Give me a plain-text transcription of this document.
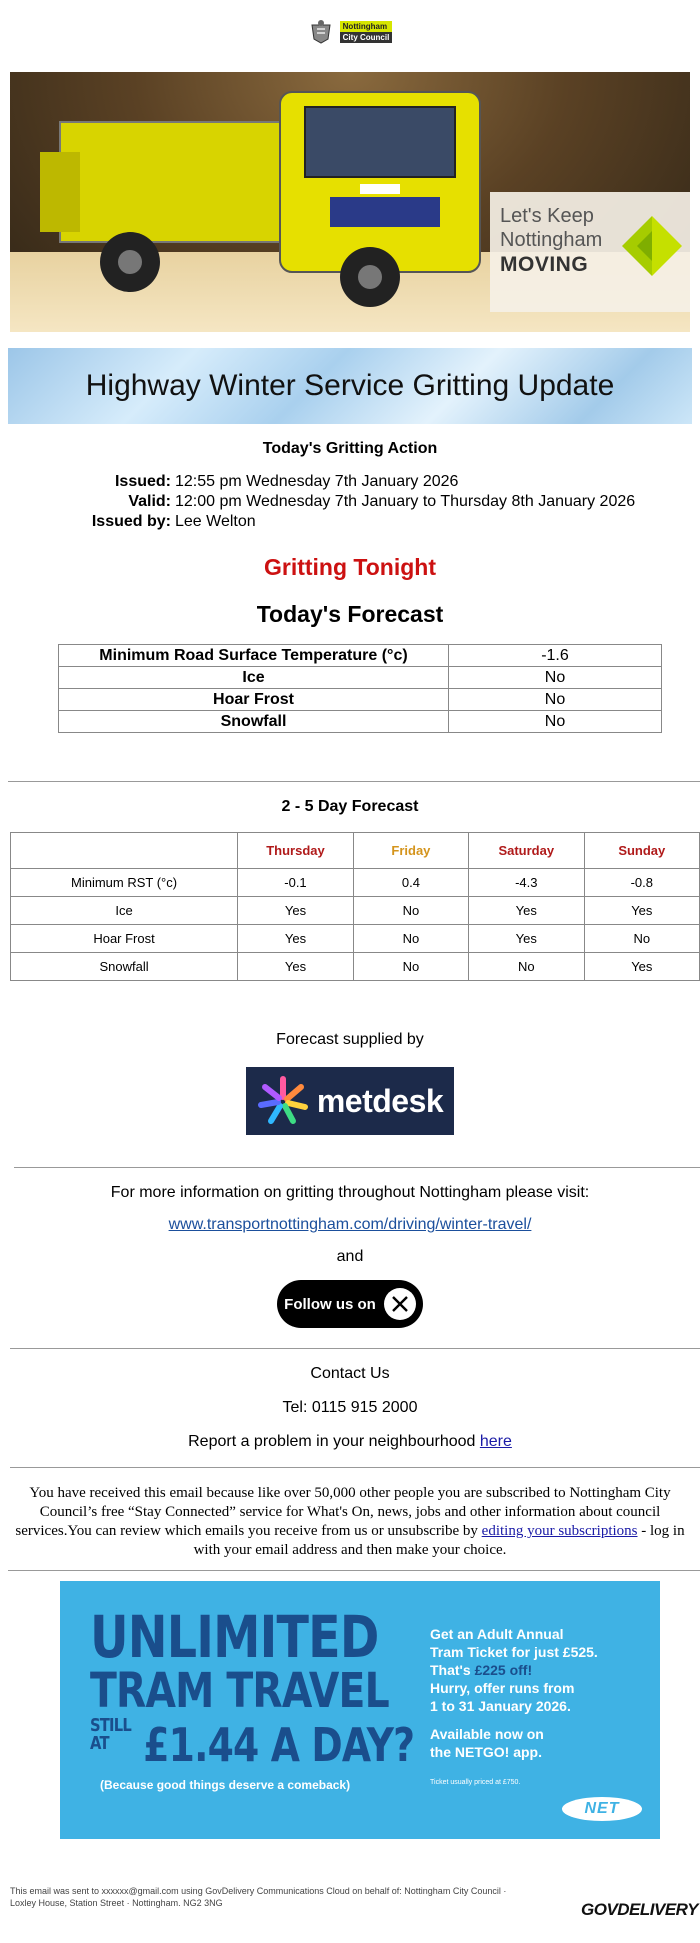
Nottingham
City Council
Let's Keep
Nottingham
MOVING
Highway Winter Service Gritting Update
Today's Gritting Action
Issued: 12:55 pm Wednesday 7th January 2026
Valid: 12:00 pm Wednesday 7th January to Thursday 8th January 2026
Issued by: Lee Welton
Gritting Tonight
Today's Forecast
Minimum Road Surface Temperature (°c)	-1.6
Ice	No
Hoar Frost	No
Snowfall	No
2 - 5 Day Forecast
	Thursday	Friday	Saturday	Sunday
Minimum RST (°c)	-0.1	0.4	-4.3	-0.8
Ice	Yes	No	Yes	Yes
Hoar Frost	Yes	No	Yes	No
Snowfall	Yes	No	No	Yes
Forecast supplied by
metdesk
For more information on gritting throughout Nottingham please visit:
www.transportnottingham.com/driving/winter-travel/
and
Follow us on
Contact Us
Tel: 0115 915 2000
Report a problem in your neighbourhood here
You have received this email because like over 50,000 other people you are subscribed to Nottingham City Council’s free “Stay Connected” service for What's On, news, jobs and other information about council services.You can review which emails you receive from us or unsubscribe by editing your subscriptions - log in with your email address and then make your choice.
UNLIMITED
TRAM TRAVEL
STILL
AT £1.44 A DAY?
(Because good things deserve a comeback)
Get an Adult Annual
Tram Ticket for just £525.
That's £225 off!
Hurry, offer runs from
1 to 31 January 2026.
Available now on
the NETGO! app.
Ticket usually priced at £750.
NET
This email was sent to xxxxxx@gmail.com using GovDelivery Communications Cloud on behalf of: Nottingham City Council ·
Loxley House, Station Street · Nottingham. NG2 3NG	GOVDELIVERY
